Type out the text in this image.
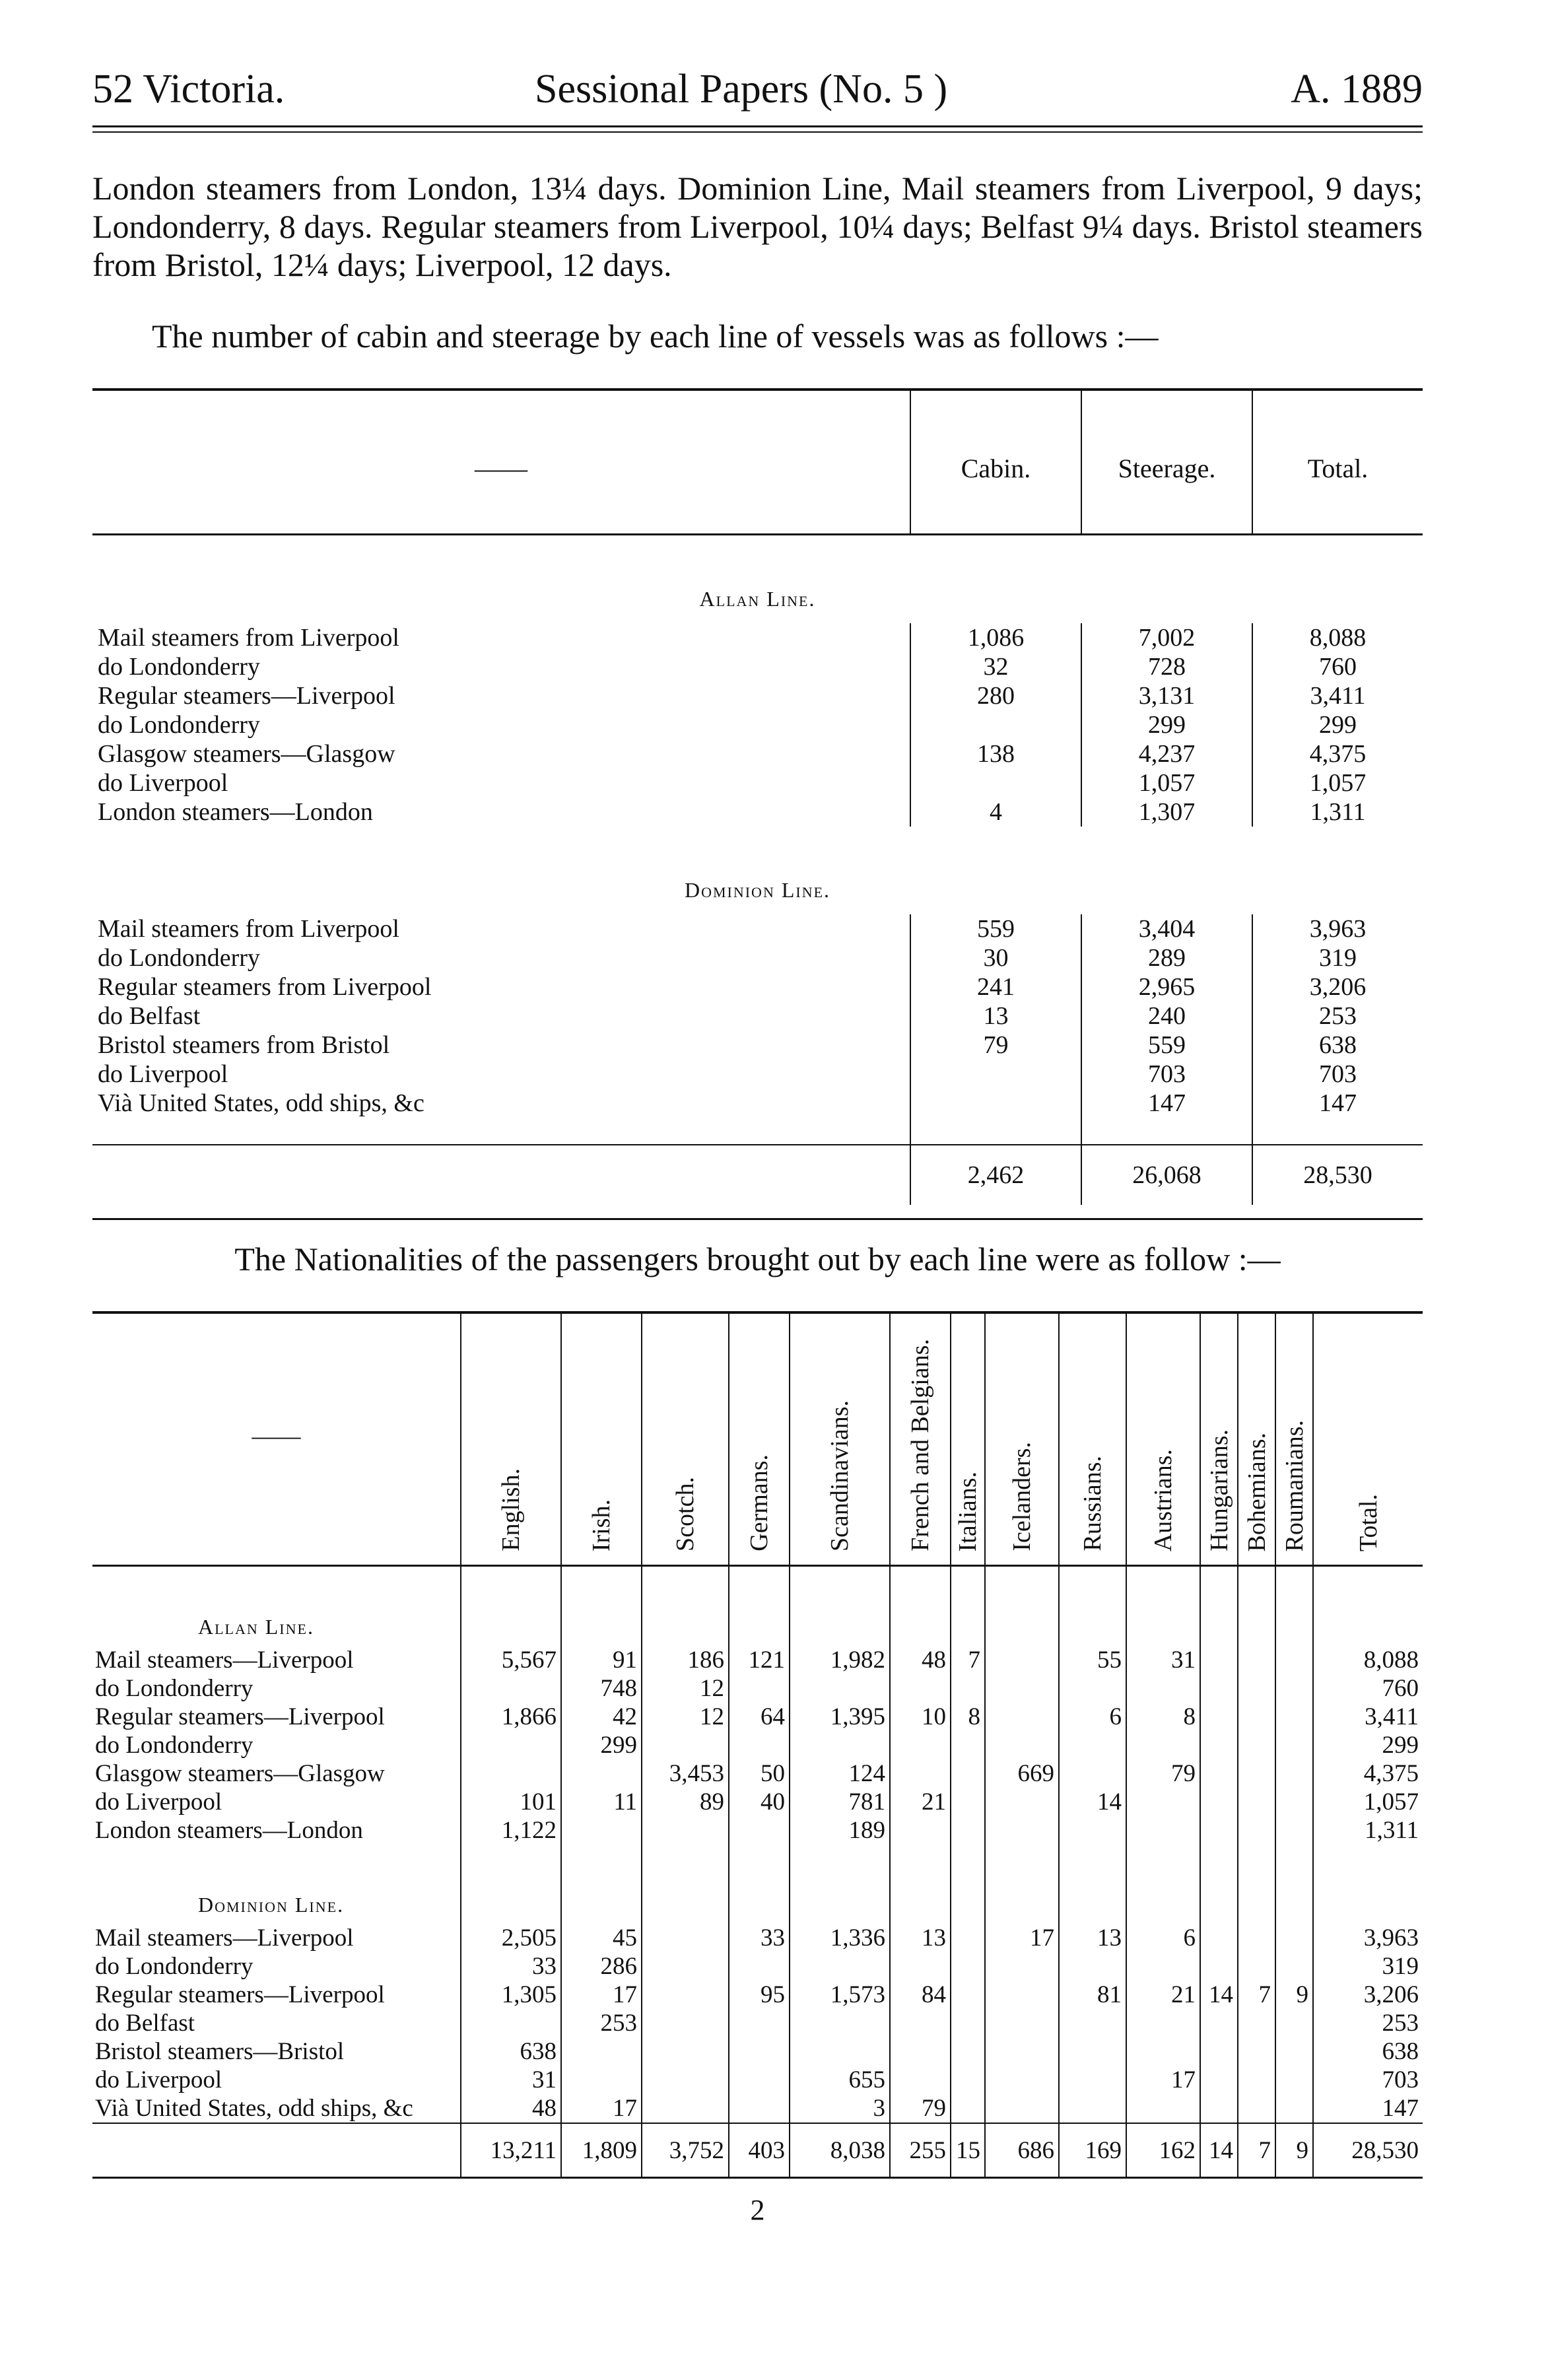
52 Victoria.	Sessional Papers (No. 5 )	A. 1889

London steamers from London, 13¼ days. Dominion Line, Mail steamers from Liverpool, 9 days; Londonderry, 8 days. Regular steamers from Liverpool, 10¼ days; Belfast 9¼ days. Bristol steamers from Bristol, 12¼ days; Liverpool, 12 days.

The number of cabin and steerage by each line of vessels was as follows :—

——	Cabin.	Steerage.	Total.
Allan Line.			
Mail steamers from Liverpool	1,086	7,002	8,088
do Londonderry	32	728	760
Regular steamers—Liverpool	280	3,131	3,411
do Londonderry		299	299
Glasgow steamers—Glasgow	138	4,237	4,375
do Liverpool		1,057	1,057
London steamers—London	4	1,307	1,311
Dominion Line.			
Mail steamers from Liverpool	559	3,404	3,963
do Londonderry	30	289	319
Regular steamers from Liverpool	241	2,965	3,206
do Belfast	13	240	253
Bristol steamers from Bristol	79	559	638
do Liverpool		703	703
Vià United States, odd ships, &c		147	147

	2,462	26,068	28,530

The Nationalities of the passengers brought out by each line were as follow :—

——	English.	Irish.	Scotch.	Germans.	Scandinavians.	French and Belgians.	Italians.	Icelanders.	Russians.	Austrians.	Hungarians.	Bohemians.	Roumanians.	Total.
Allan Line.														
Mail steamers—Liverpool	5,567	91	186	121	1,982	48	7		55	31				8,088
do Londonderry		748	12											760
Regular steamers—Liverpool	1,866	42	12	64	1,395	10	8		6	8				3,411
do Londonderry		299												299
Glasgow steamers—Glasgow			3,453	50	124			669		79				4,375
do Liverpool	101	11	89	40	781	21			14					1,057
London steamers—London	1,122				189									1,311
Dominion Line.														
Mail steamers—Liverpool	2,505	45		33	1,336	13		17	13	6				3,963
do Londonderry	33	286												319
Regular steamers—Liverpool	1,305	17		95	1,573	84			81	21	14	7	9	3,206
do Belfast		253												253
Bristol steamers—Bristol	638													638
do Liverpool	31				655					17				703
Vià United States, odd ships, &c	48	17			3	79								147
	13,211	1,809	3,752	403	8,038	255	15	686	169	162	14	7	9	28,530
2
